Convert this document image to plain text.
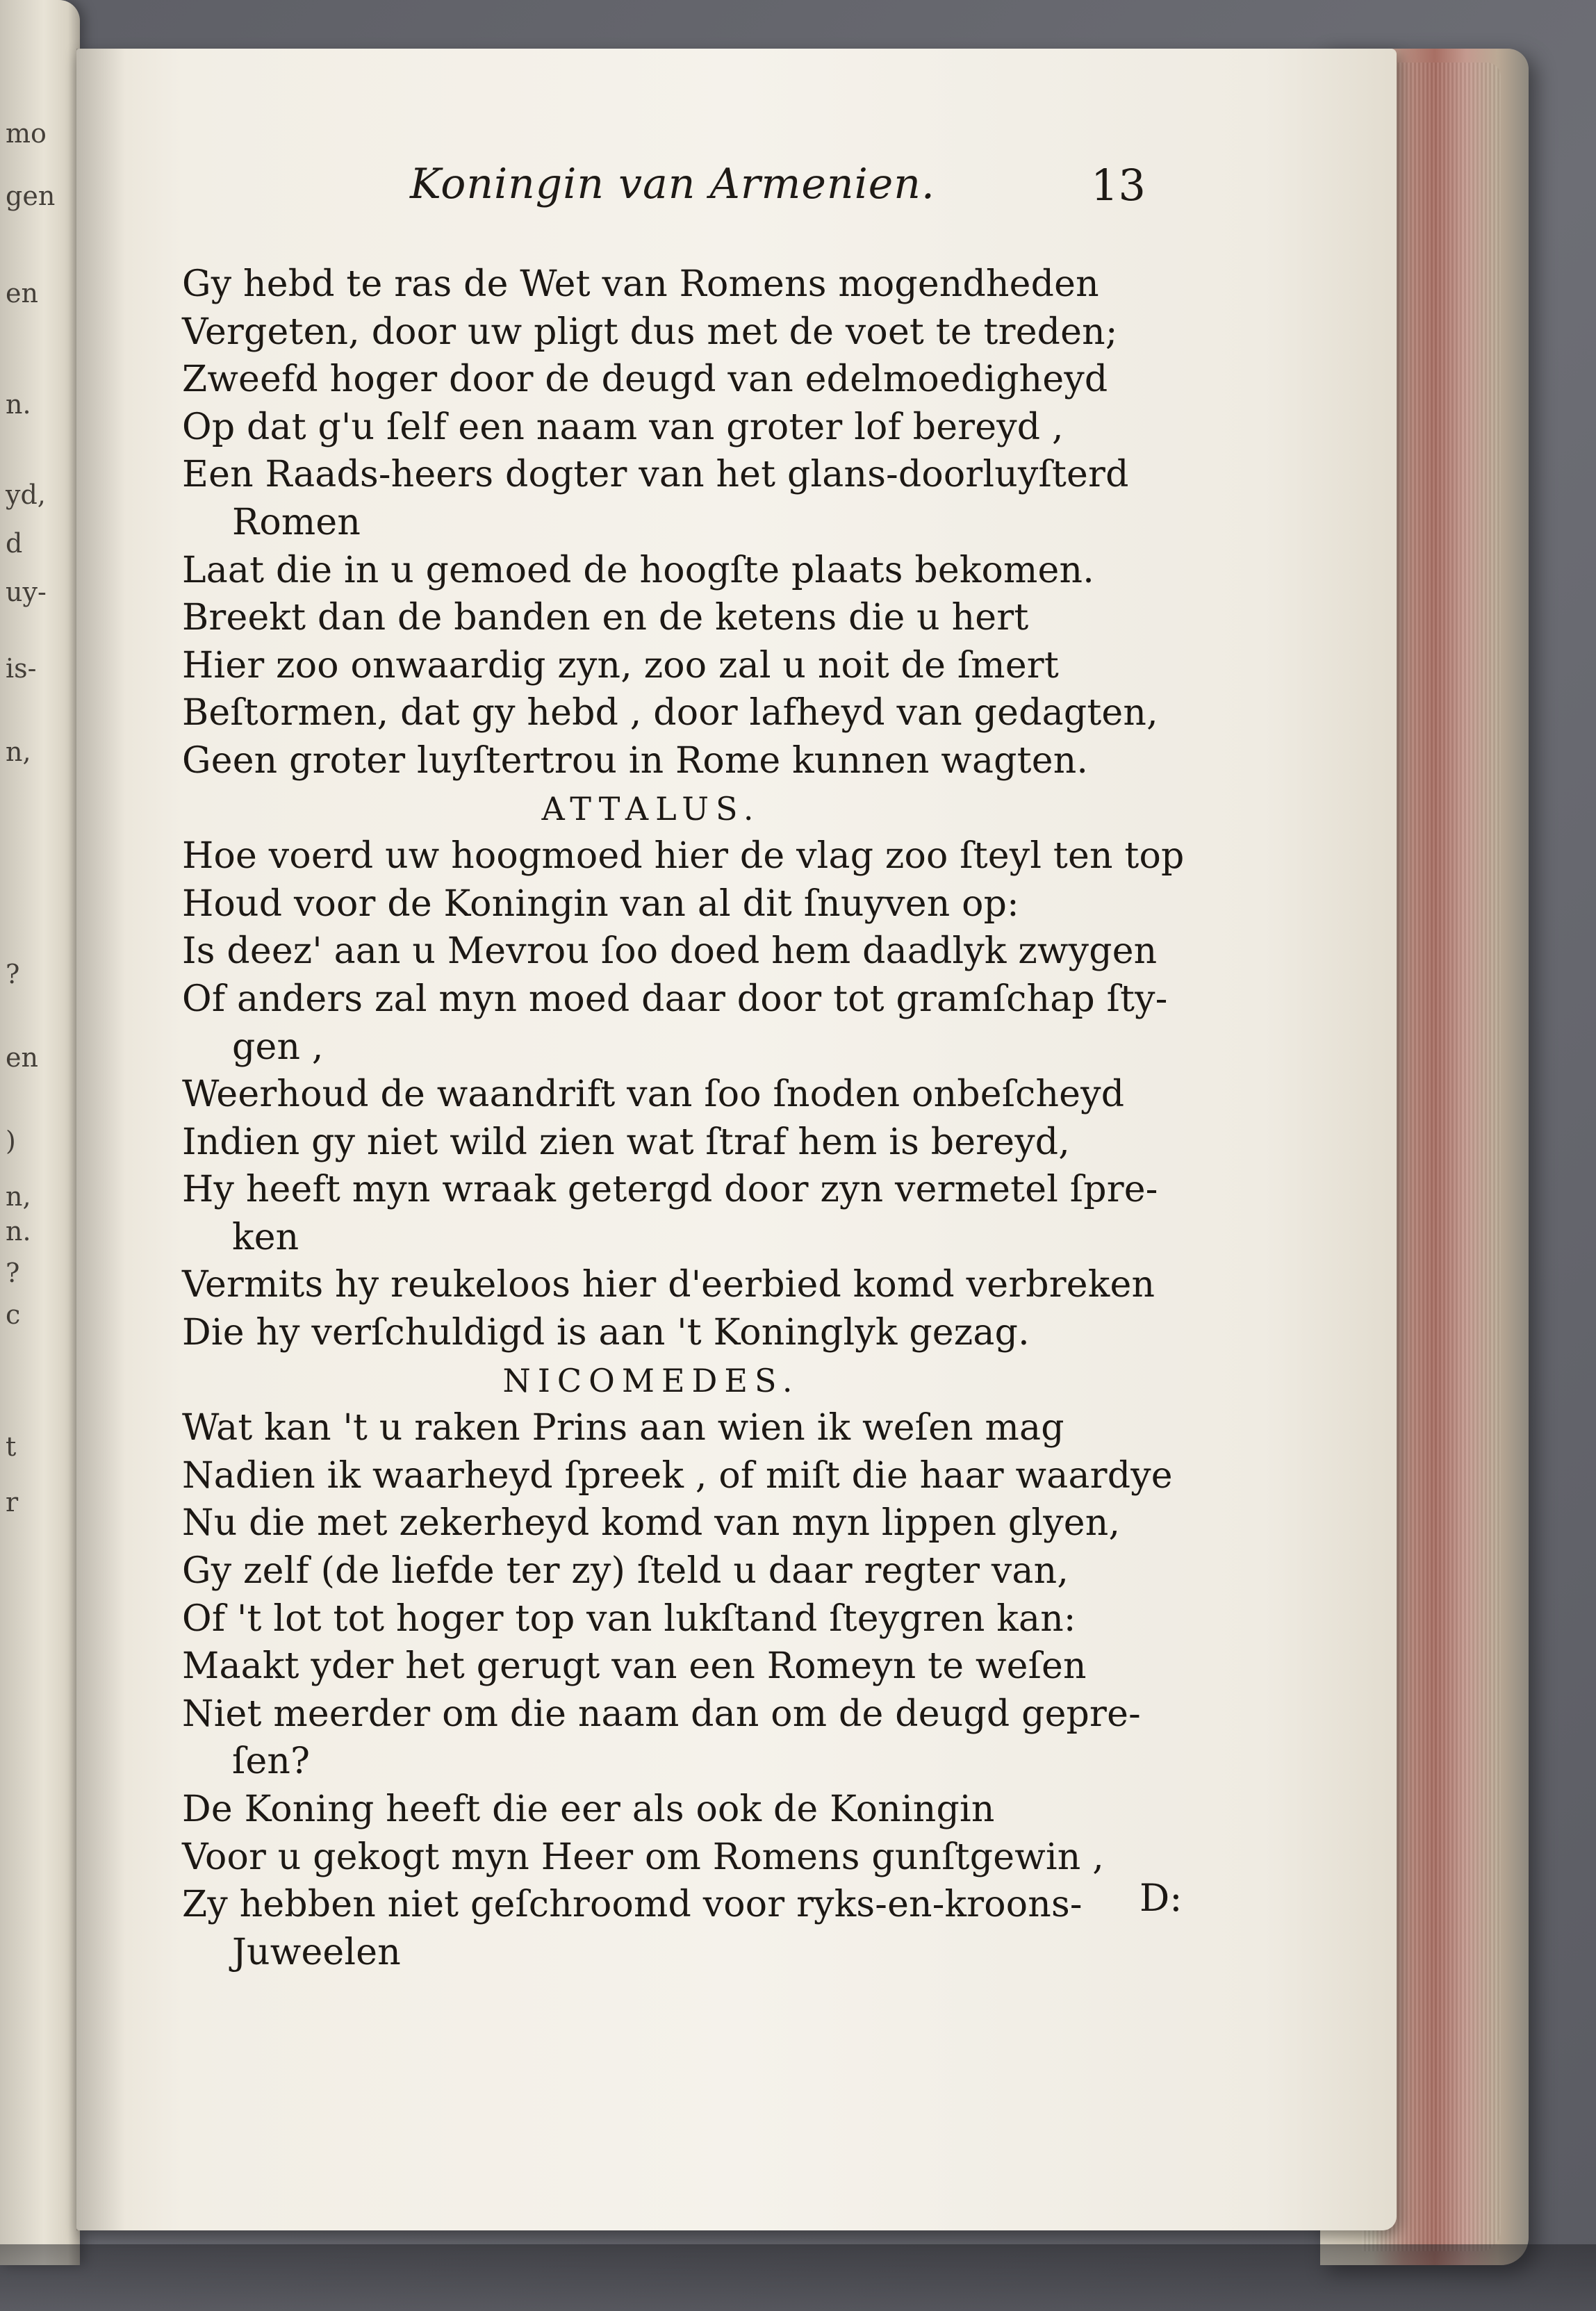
mo
gen
en
n.
yd,
d
uy-
is-
n,
?
en
)
n,
n.
?
c
t
r
Koningin van Armenien.	13
Gy hebd te ras de Wet van Romens mogendheden
Vergeten, door uw pligt dus met de voet te treden;
Zweefd hoger door de deugd van edelmoedigheyd
Op dat g'u ſelf een naam van groter lof bereyd ,
Een Raads-heers dogter van het glans-doorluyſterd
Romen
Laat die in u gemoed de hoogſte plaats bekomen.
Breekt dan de banden en de ketens die u hert
Hier zoo onwaardig zyn, zoo zal u noit de ſmert
Beſtormen, dat gy hebd , door lafheyd van gedagten,
Geen groter luyſtertrou in Rome kunnen wagten.
ATTALUS.
Hoe voerd uw hoogmoed hier de vlag zoo ſteyl ten top
Houd voor de Koningin van al dit ſnuyven op:
Is deez' aan u Mevrou ſoo doed hem daadlyk zwygen
Of anders zal myn moed daar door tot gramſchap ſty-
gen ,
Weerhoud de waandrift van ſoo ſnoden onbeſcheyd
Indien gy niet wild zien wat ſtraf hem is bereyd,
Hy heeft myn wraak getergd door zyn vermetel ſpre-
ken
Vermits hy reukeloos hier d'eerbied komd verbreken
Die hy verſchuldigd is aan 't Koninglyk gezag.
NICOMEDES.
Wat kan 't u raken Prins aan wien ik weſen mag
Nadien ik waarheyd ſpreek , of miſt die haar waardye
Nu die met zekerheyd komd van myn lippen glyen,
Gy zelf (de liefde ter zy) ſteld u daar regter van,
Of 't lot tot hoger top van lukſtand ſteygren kan:
Maakt yder het gerugt van een Romeyn te weſen
Niet meerder om die naam dan om de deugd gepre-
ſen?
De Koning heeft die eer als ook de Koningin
Voor u gekogt myn Heer om Romens gunſtgewin ,
Zy hebben niet geſchroomd voor ryks-en-kroons-
Juweelen
D:
